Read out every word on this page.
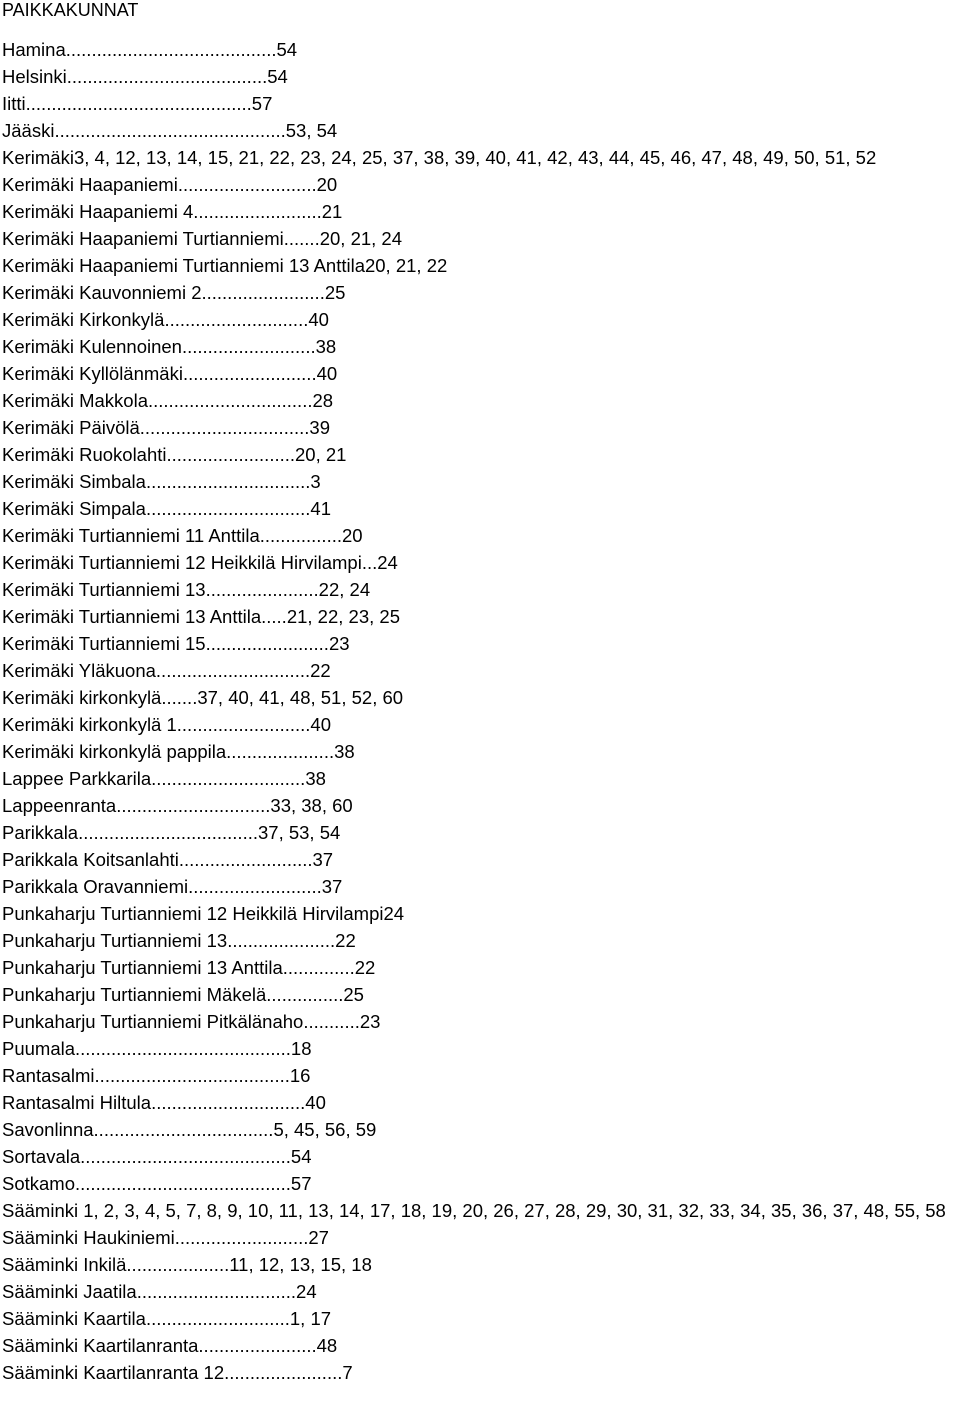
PAIKKAKUNNAT
Hamina ......................................... 54
Helsinki ....................................... 54
Iitti ............................................ 57
Jääski ............................................. 53, 54
Kerimäki 3, 4, 12, 13, 14, 15, 21, 22, 23, 24, 25, 37, 38, 39, 40, 41, 42, 43, 44, 45, 46, 47, 48, 49, 50, 51, 52
Kerimäki Haapaniemi ........................... 20
Kerimäki Haapaniemi 4 ......................... 21
Kerimäki Haapaniemi Turtianniemi ....... 20, 21, 24
Kerimäki Haapaniemi Turtianniemi 13 Anttila 20, 21, 22
Kerimäki Kauvonniemi 2 ........................ 25
Kerimäki Kirkonkylä ............................ 40
Kerimäki Kulennoinen .......................... 38
Kerimäki Kyllölänmäki .......................... 40
Kerimäki Makkola ................................ 28
Kerimäki Päivölä ................................. 39
Kerimäki Ruokolahti ......................... 20, 21
Kerimäki Simbala ................................ 3
Kerimäki Simpala ................................ 41
Kerimäki Turtianniemi 11 Anttila ................ 20
Kerimäki Turtianniemi 12 Heikkilä Hirvilampi ... 24
Kerimäki Turtianniemi 13 ...................... 22, 24
Kerimäki Turtianniemi 13 Anttila ..... 21, 22, 23, 25
Kerimäki Turtianniemi 15 ........................ 23
Kerimäki Yläkuona .............................. 22
Kerimäki kirkonkylä ....... 37, 40, 41, 48, 51, 52, 60
Kerimäki kirkonkylä 1 .......................... 40
Kerimäki kirkonkylä pappila ..................... 38
Lappee Parkkarila .............................. 38
Lappeenranta .............................. 33, 38, 60
Parikkala ................................... 37, 53, 54
Parikkala Koitsanlahti .......................... 37
Parikkala Oravanniemi .......................... 37
Punkaharju Turtianniemi 12 Heikkilä Hirvilampi 24
Punkaharju Turtianniemi 13 ..................... 22
Punkaharju Turtianniemi 13 Anttila .............. 22
Punkaharju Turtianniemi Mäkelä ............... 25
Punkaharju Turtianniemi Pitkälänaho ........... 23
Puumala .......................................... 18
Rantasalmi ...................................... 16
Rantasalmi Hiltula .............................. 40
Savonlinna ................................... 5, 45, 56, 59
Sortavala ......................................... 54
Sotkamo .......................................... 57
Sääminki 1, 2, 3, 4, 5, 7, 8, 9, 10, 11, 13, 14, 17, 18, 19, 20, 26, 27, 28, 29, 30, 31, 32, 33, 34, 35, 36, 37, 48, 55, 58
Sääminki Haukiniemi .......................... 27
Sääminki Inkilä .................... 11, 12, 13, 15, 18
Sääminki Jaatila ............................... 24
Sääminki Kaartila ............................ 1, 17
Sääminki Kaartilanranta ....................... 48
Sääminki Kaartilanranta 12 ....................... 7
